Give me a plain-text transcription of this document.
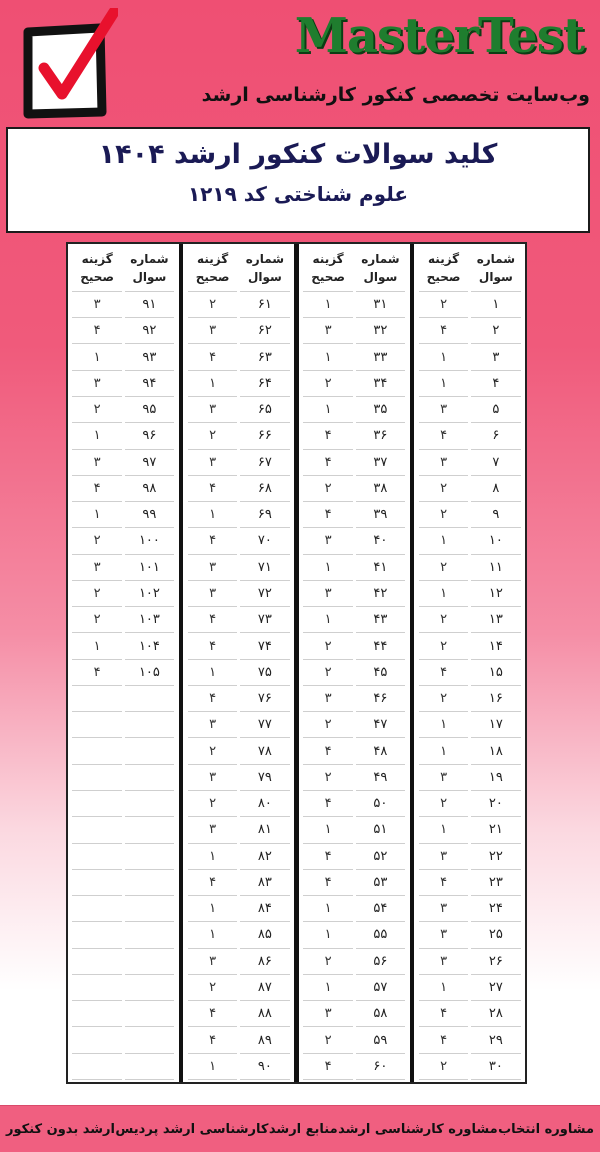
MasterTest
وب‌سایت تخصصی کنکور کارشناسی ارشد
کلید سوالات کنکور ارشد ۱۴۰۴
علوم شناختی کد ۱۲۱۹
شماره سوال
گزینه صحیح
۱
۲
۲
۴
۳
۱
۴
۱
۵
۳
۶
۴
۷
۳
۸
۲
۹
۲
۱۰
۱
۱۱
۲
۱۲
۱
۱۳
۲
۱۴
۲
۱۵
۴
۱۶
۲
۱۷
۱
۱۸
۱
۱۹
۳
۲۰
۲
۲۱
۱
۲۲
۳
۲۳
۴
۲۴
۳
۲۵
۳
۲۶
۳
۲۷
۱
۲۸
۴
۲۹
۴
۳۰
۲
شماره سوال
گزینه صحیح
۳۱
۱
۳۲
۳
۳۳
۱
۳۴
۲
۳۵
۱
۳۶
۴
۳۷
۴
۳۸
۲
۳۹
۴
۴۰
۳
۴۱
۱
۴۲
۳
۴۳
۱
۴۴
۲
۴۵
۲
۴۶
۳
۴۷
۲
۴۸
۴
۴۹
۲
۵۰
۴
۵۱
۱
۵۲
۴
۵۳
۴
۵۴
۱
۵۵
۱
۵۶
۲
۵۷
۱
۵۸
۳
۵۹
۲
۶۰
۴
شماره سوال
گزینه صحیح
۶۱
۲
۶۲
۳
۶۳
۴
۶۴
۱
۶۵
۳
۶۶
۲
۶۷
۳
۶۸
۴
۶۹
۱
۷۰
۴
۷۱
۳
۷۲
۳
۷۳
۴
۷۴
۴
۷۵
۱
۷۶
۴
۷۷
۳
۷۸
۲
۷۹
۳
۸۰
۲
۸۱
۳
۸۲
۱
۸۳
۴
۸۴
۱
۸۵
۱
۸۶
۳
۸۷
۲
۸۸
۴
۸۹
۴
۹۰
۱
شماره سوال
گزینه صحیح
۹۱
۳
۹۲
۴
۹۳
۱
۹۴
۳
۹۵
۲
۹۶
۱
۹۷
۳
۹۸
۴
۹۹
۱
۱۰۰
۲
۱۰۱
۳
۱۰۲
۲
۱۰۳
۲
۱۰۴
۱
۱۰۵
۴
ارشد بدون کنکور کارشناسی ارشد پردیس منابع ارشد مشاوره کارشناسی ارشد مشاوره انتخاب
